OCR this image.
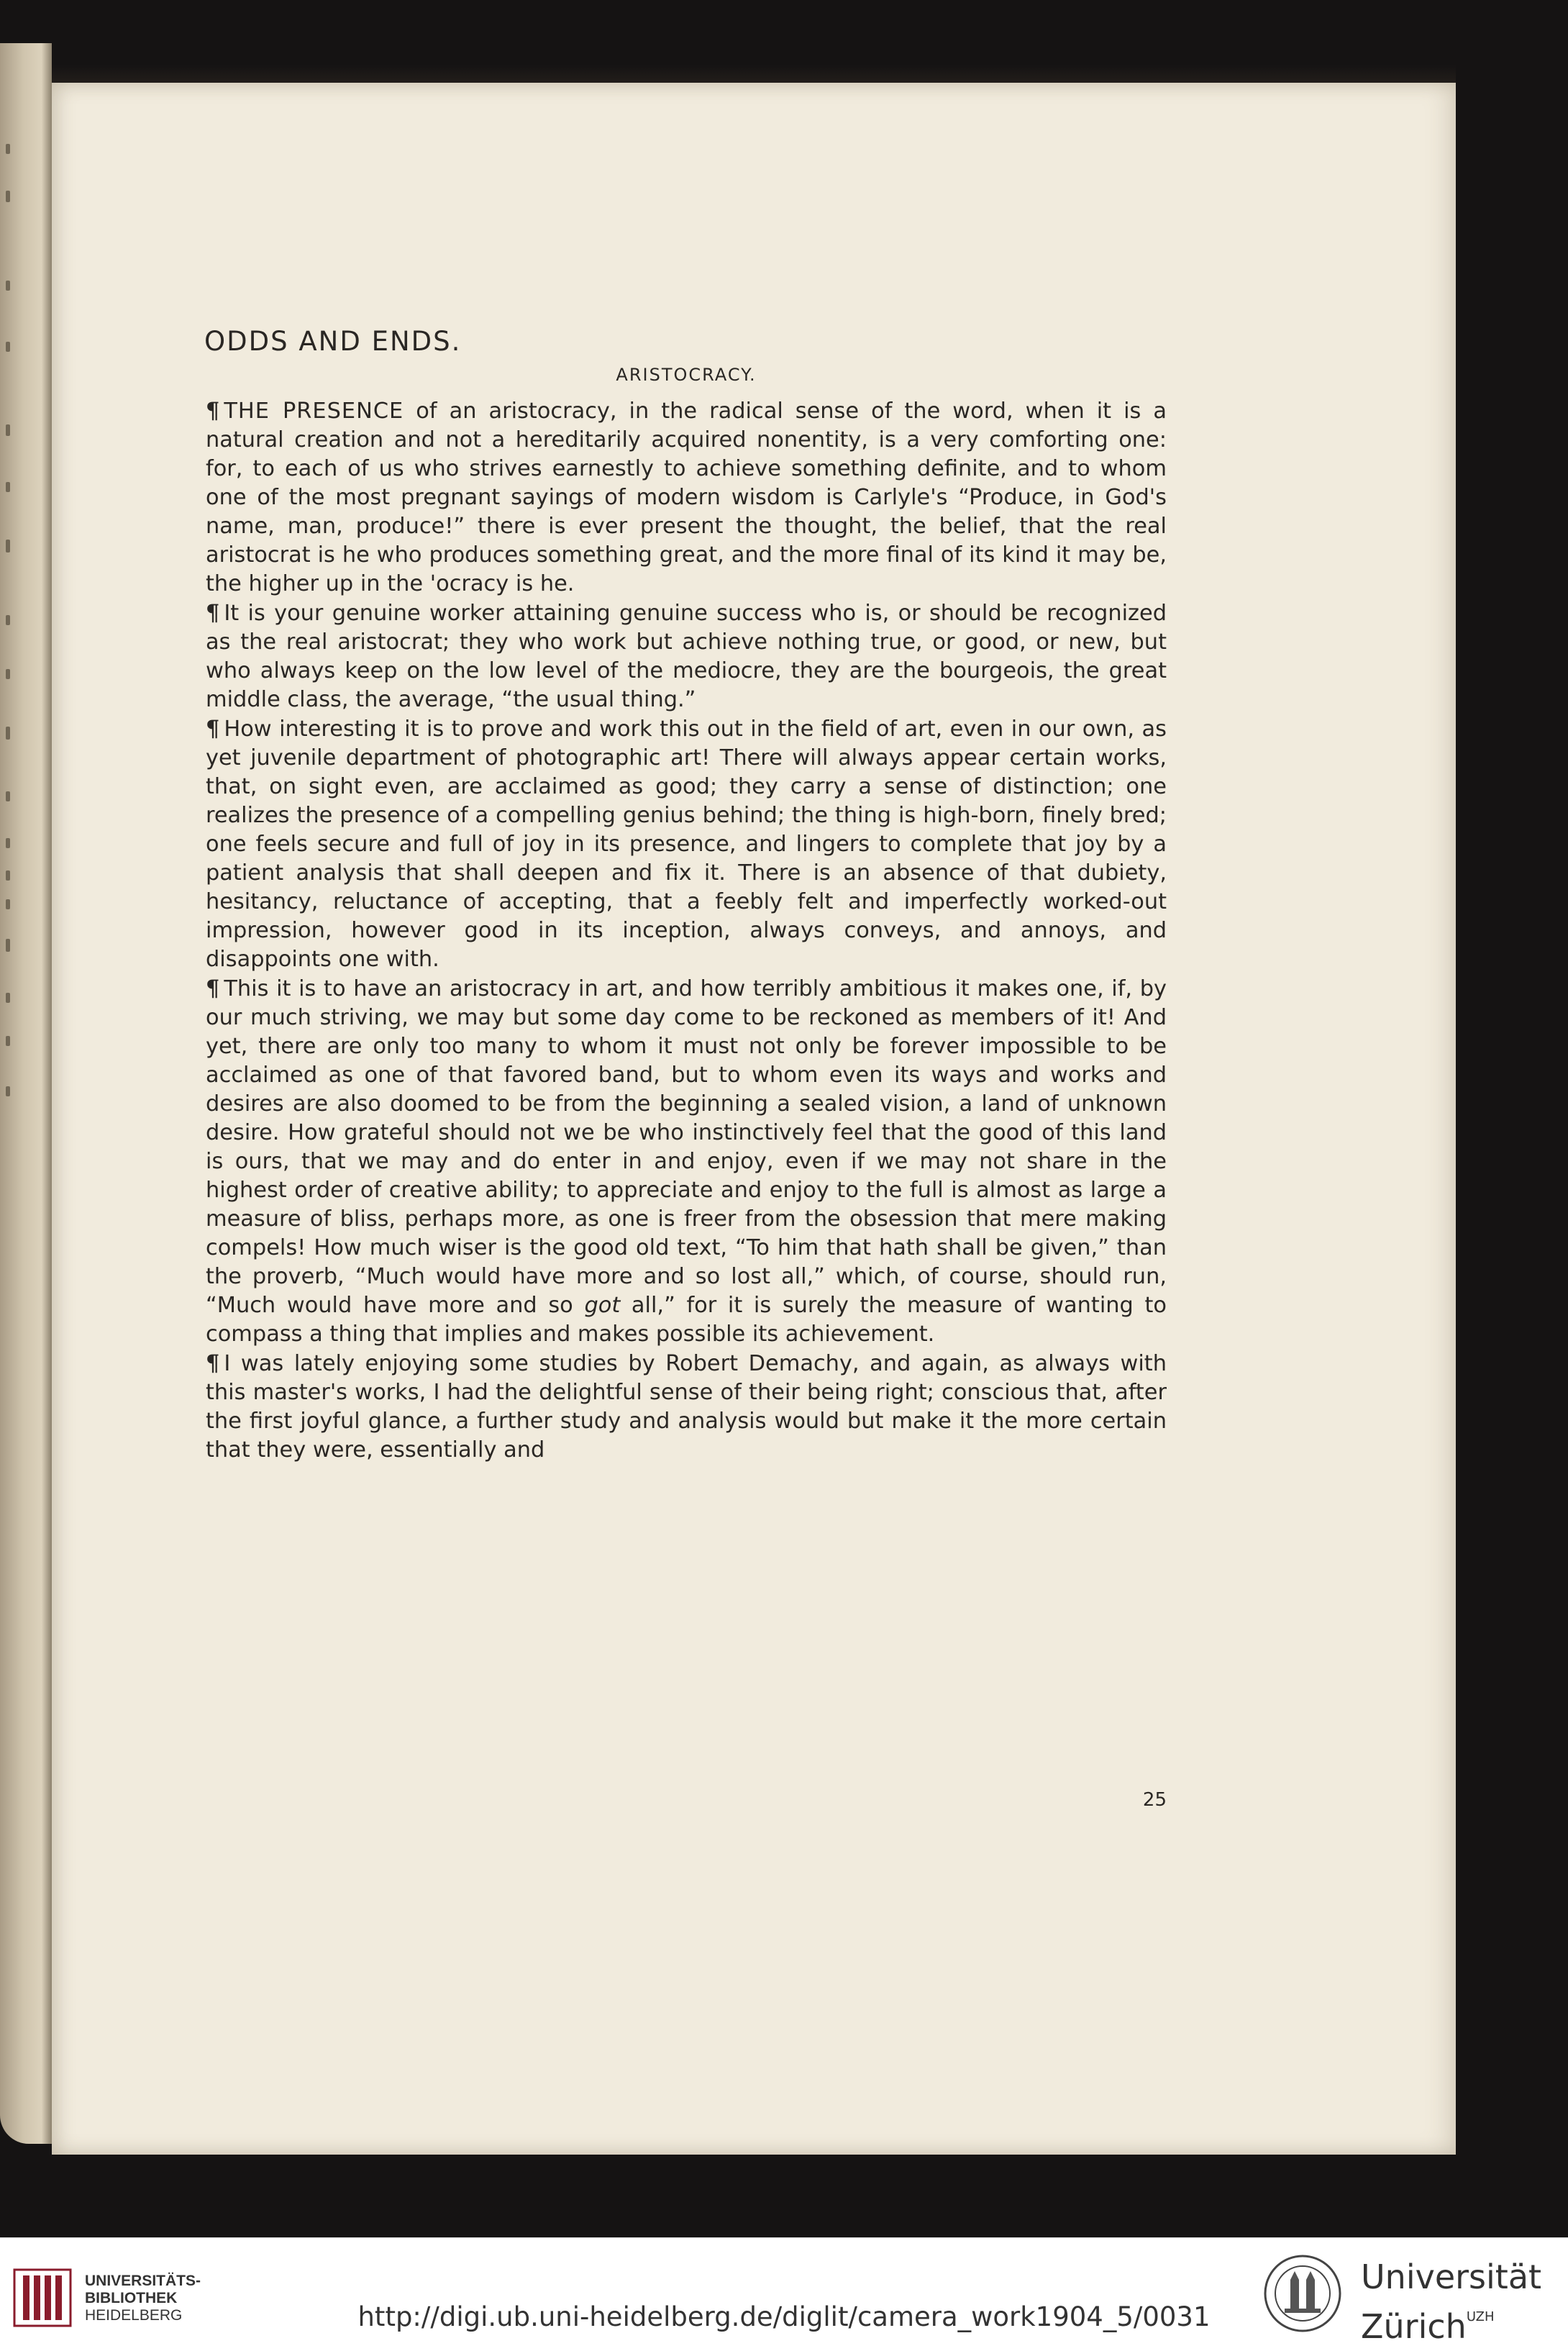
ODDS AND ENDS.
ARISTOCRACY.

¶ THE PRESENCE of an aristocracy, in the radical sense of the word, when it is a natural creation and not a hereditarily acquired nonentity, is a very comforting one: for, to each of us who strives earnestly to achieve something definite, and to whom one of the most pregnant sayings of modern wisdom is Carlyle's “Produce, in God's name, man, produce!” there is ever present the thought, the belief, that the real aristocrat is he who produces something great, and the more final of its kind it may be, the higher up in the 'ocracy is he.

¶ It is your genuine worker attaining genuine success who is, or should be recognized as the real aristocrat; they who work but achieve nothing true, or good, or new, but who always keep on the low level of the mediocre, they are the bourgeois, the great middle class, the average, “the usual thing.”

¶ How interesting it is to prove and work this out in the field of art, even in our own, as yet juvenile department of photographic art! There will always appear certain works, that, on sight even, are acclaimed as good; they carry a sense of distinction; one realizes the presence of a compelling genius behind; the thing is high-born, finely bred; one feels secure and full of joy in its presence, and lingers to complete that joy by a patient analysis that shall deepen and fix it. There is an absence of that dubiety, hesitancy, reluctance of accepting, that a feebly felt and imperfectly worked-out impression, however good in its inception, always conveys, and annoys, and disappoints one with.

¶ This it is to have an aristocracy in art, and how terribly ambitious it makes one, if, by our much striving, we may but some day come to be reckoned as members of it! And yet, there are only too many to whom it must not only be forever impossible to be acclaimed as one of that favored band, but to whom even its ways and works and desires are also doomed to be from the beginning a sealed vision, a land of unknown desire. How grateful should not we be who instinctively feel that the good of this land is ours, that we may and do enter in and enjoy, even if we may not share in the highest order of creative ability; to appreciate and enjoy to the full is almost as large a measure of bliss, perhaps more, as one is freer from the obsession that mere making compels! How much wiser is the good old text, “To him that hath shall be given,” than the proverb, “Much would have more and so lost all,” which, of course, should run, “Much would have more and so got all,” for it is surely the measure of wanting to compass a thing that implies and makes possible its achievement.

¶ I was lately enjoying some studies by Robert Demachy, and again, as always with this master's works, I had the delightful sense of their being right; conscious that, after the first joyful glance, a further study and analysis would but make it the more certain that they were, essentially and

25
UNIVERSITÄTS-
BIBLIOTHEK
HEIDELBERG	http://digi.ub.uni-heidelberg.de/diglit/camera_work1904_5/0031
Universität
Zürich$^{UZH}$
